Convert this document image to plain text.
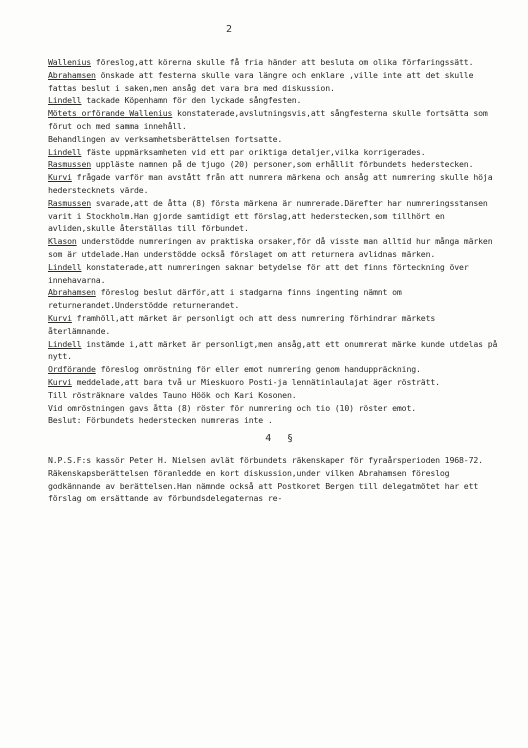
2

Wallenius föreslog,att körerna skulle få fria händer att besluta om olika förfaringssätt.

Abrahamsen önskade att festerna skulle vara längre och enklare ,ville inte att det skulle fattas beslut i saken,men ansåg det vara bra med diskussion.

Lindell tackade Köpenhamn för den lyckade sångfesten.

Mötets orförande Wallenius konstaterade,avslutningsvis,att sångfesterna skulle fortsätta som förut och med samma innehåll.

Behandlingen av verksamhetsberättelsen fortsatte.

Lindell fäste uppmärksamheten vid ett par oriktiga detaljer,vilka korrigerades.

Rasmussen uppläste namnen på de tjugo (20) personer,som erhållit förbundets hederstecken.

Kurvi frågade varför man avstått från att numrera märkena och ansåg att numrering skulle höja hederstecknets värde.

Rasmussen svarade,att de åtta (8) första märkena är numrerade.Därefter har numreringsstansen varit i Stockholm.Han gjorde samtidigt ett förslag,att hederstecken,som tillhört en avliden,skulle återställas till förbundet.

Klason understödde numreringen av praktiska orsaker,för då visste man alltid hur många märken som är utdelade.Han understödde också förslaget om att returnera avlidnas märken.

Lindell konstaterade,att numreringen saknar betydelse för att det finns förteckning över innehavarna.

Abrahamsen föreslog beslut därför,att i stadgarna finns ingenting nämnt om returnerandet.Understödde returnerandet.

Kurvi framhöll,att märket är personligt och att dess numrering förhindrar märkets återlämnande.

Lindell instämde i,att märket är personligt,men ansåg,att ett onumrerat märke kunde utdelas på nytt.

Ordförande föreslog omröstning för eller emot numrering genom handuppräckning.

Kurvi meddelade,att bara två ur Mieskuoro Posti-ja lennätinlaulajat äger rösträtt.

Till rösträknare valdes Tauno Höök och Kari Kosonen.

Vid omröstningen gavs åtta (8) röster för numrering och tio (10) röster emot.

Beslut: Förbundets hederstecken numreras inte .

4 §

N.P.S.F:s kassör Peter H. Nielsen avlät förbundets räkenskaper för fyraårsperioden 1968-72.

Räkenskapsberättelsen föranledde en kort diskussion,under vilken Abrahamsen föreslog godkännande av berättelsen.Han nämnde också att Postkoret Bergen till delegatmötet har ett förslag om ersättande av förbundsdelegaternas re-
